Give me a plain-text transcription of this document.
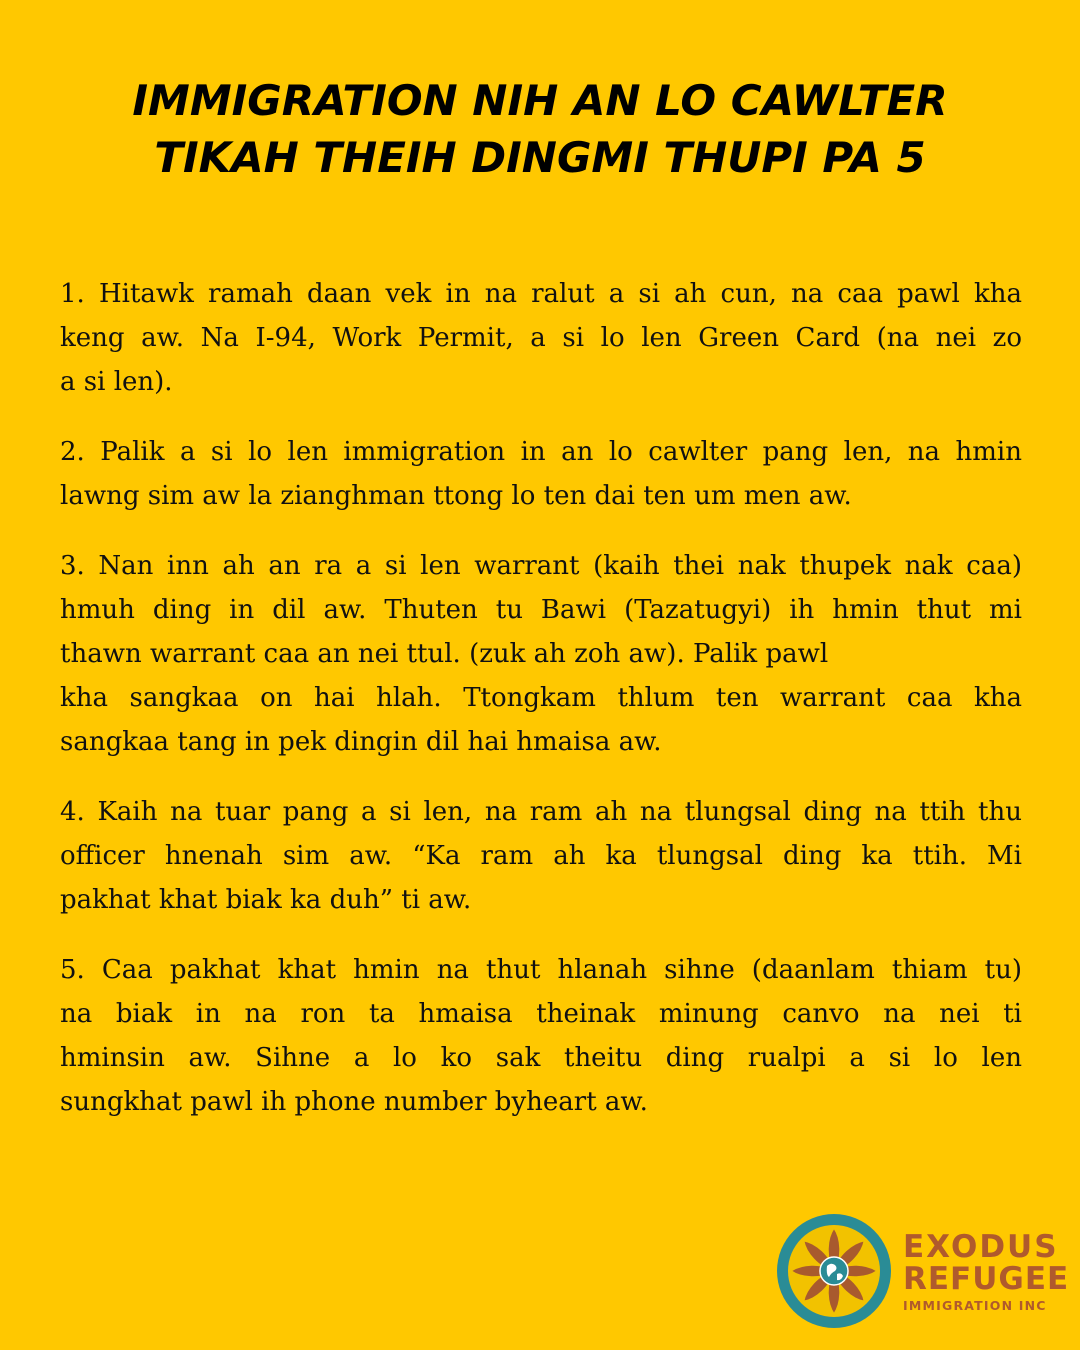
IMMIGRATION NIH AN LO CAWLTER
TIKAH THEIH DINGMI THUPI PA 5

1. Hitawk ramah daan vek in na ralut a si ah cun, na caa pawl kha
keng aw. Na I-94, Work Permit, a si lo len Green Card (na nei zo
a si len).

2. Palik a si lo len immigration in an lo cawlter pang len, na hmin
lawng sim aw la zianghman ttong lo ten dai ten um men aw.

3. Nan inn ah an ra a si len warrant (kaih thei nak thupek nak caa)
hmuh ding in dil aw. Thuten tu Bawi (Tazatugyi) ih hmin thut mi
thawn warrant caa an nei ttul. (zuk ah zoh aw). Palik pawl
kha sangkaa on hai hlah. Ttongkam thlum ten warrant caa kha
sangkaa tang in pek dingin dil hai hmaisa aw.

4. Kaih na tuar pang a si len, na ram ah na tlungsal ding na ttih thu
officer hnenah sim aw. “Ka ram ah ka tlungsal ding ka ttih. Mi
pakhat khat biak ka duh” ti aw.

5. Caa pakhat khat hmin na thut hlanah sihne (daanlam thiam tu)
na biak in na ron ta hmaisa theinak minung canvo na nei ti
hminsin aw. Sihne a lo ko sak theitu ding rualpi a si lo len
sungkhat pawl ih phone number byheart aw.

EXODUS
REFUGEE
IMMIGRATION INC
